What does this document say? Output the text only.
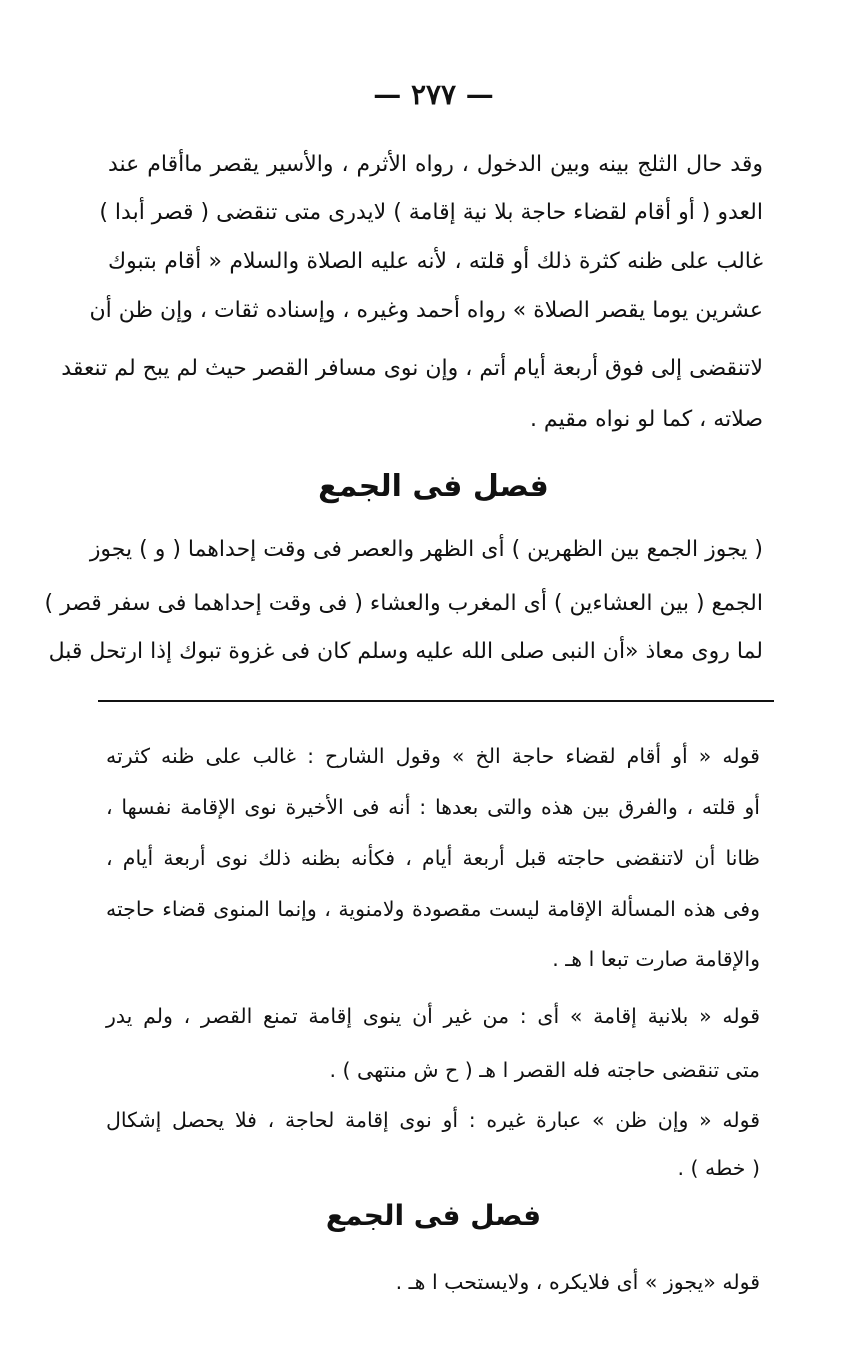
— ٢٧٧ —
وقد حال الثلج بينه وبين الدخول ، رواه الأثرم ، والأسير يقصر ماأقام عند
العدو ( أو أقام لقضاء حاجة بلا نية إقامة ) لايدرى متى تنقضى ( قصر أبدا )
غالب على ظنه كثرة ذلك أو قلته ، لأنه عليه الصلاة والسلام « أقام بتبوك
عشرين يوما يقصر الصلاة » رواه أحمد وغيره ، وإسناده ثقات ، وإن ظن أن
لاتنقضى إلى فوق أربعة أيام أتم ، وإن نوى مسافر القصر حيث لم يبح لم تنعقد
صلاته ، كما لو نواه مقيم .
فصل فى الجمع
( يجوز الجمع بين الظهرين ) أى الظهر والعصر فى وقت إحداهما ( و ) يجوز
الجمع ( بين العشاءين ) أى المغرب والعشاء ( فى وقت إحداهما فى سفر قصر )
لما روى معاذ «أن النبى صلى الله عليه وسلم كان فى غزوة تبوك إذا ارتحل قبل
قوله « أو أقام لقضاء حاجة الخ » وقول الشارح : غالب على ظنه كثرته
أو قلته ، والفرق بين هذه والتى بعدها : أنه فى الأخيرة نوى الإقامة نفسها ،
ظانا أن لاتنقضى حاجته قبل أربعة أيام ، فكأنه بظنه ذلك نوى أربعة أيام ،
وفى هذه المسألة الإقامة ليست مقصودة ولامنوية ، وإنما المنوى قضاء حاجته
والإقامة صارت تبعا ا هـ .
قوله « بلانية إقامة » أى : من غير أن ينوى إقامة تمنع القصر ، ولم يدر
متى تنقضى حاجته فله القصر ا هـ ( ح ش منتهى ) .
قوله « وإن ظن » عبارة غيره : أو نوى إقامة لحاجة ، فلا يحصل إشكال
( خطه ) .
فصل فى الجمع
قوله «يجوز » أى فلايكره ، ولايستحب ا هـ .
